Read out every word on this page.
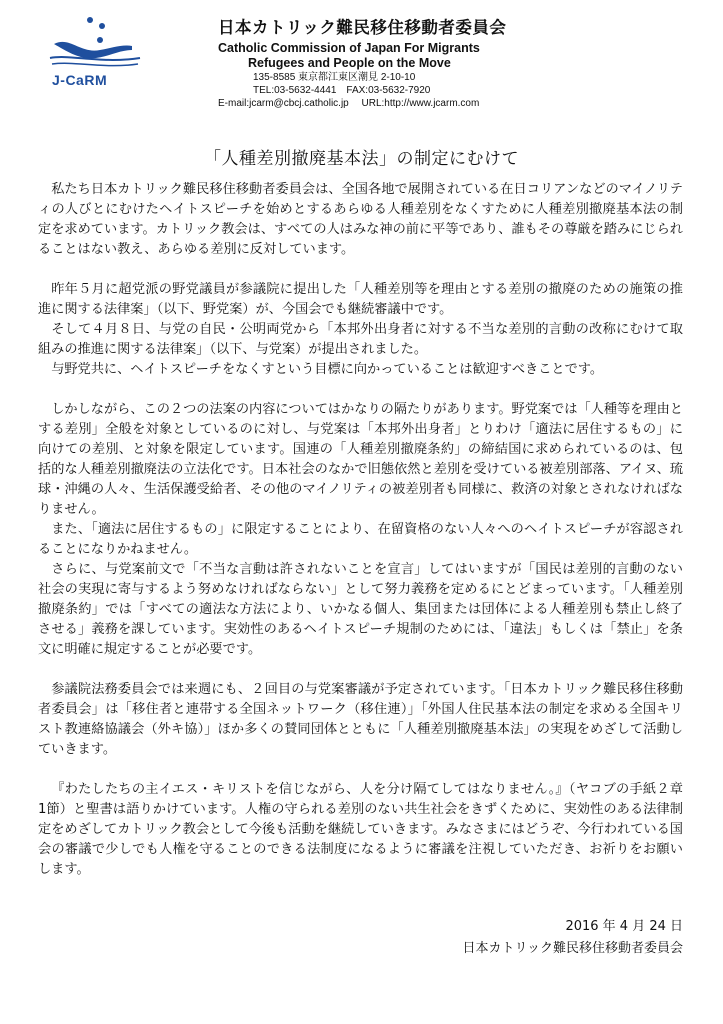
J-CaRM

日本カトリック難民移住移動者委員会

Catholic Commission of Japan For Migrants

Refugees and People on the Move

135-8585 東京都江東区潮見 2-10-10

TEL:03-5632-4441　FAX:03-5632-7920

E-mail:jcarm@cbcj.catholic.jp　 URL:http://www.jcarm.com

「人種差別撤廃基本法」の制定にむけて

私たち日本カトリック難民移住移動者委員会は、全国各地で展開されている在日コリアンなどのマイノリティの人びとにむけたヘイトスピーチを始めとするあらゆる人種差別をなくすために人種差別撤廃基本法の制定を求めています。カトリック教会は、すべての人はみな神の前に平等であり、誰もその尊厳を踏みにじられることはない教え、あらゆる差別に反対しています。

昨年５月に超党派の野党議員が参議院に提出した「人種差別等を理由とする差別の撤廃のための施策の推進に関する法律案」（以下、野党案）が、今国会でも継続審議中です。

そして４月８日、与党の自民・公明両党から「本邦外出身者に対する不当な差別的言動の改称にむけて取組みの推進に関する法律案」（以下、与党案）が提出されました。

与野党共に、ヘイトスピーチをなくすという目標に向かっていることは歓迎すべきことです。

しかしながら、この２つの法案の内容についてはかなりの隔たりがあります。野党案では「人種等を理由とする差別」全般を対象としているのに対し、与党案は「本邦外出身者」とりわけ「適法に居住するもの」に向けての差別、と対象を限定しています。国連の「人種差別撤廃条約」の締結国に求められているのは、包括的な人種差別撤廃法の立法化です。日本社会のなかで旧態依然と差別を受けている被差別部落、アイヌ、琉球・沖縄の人々、生活保護受給者、その他のマイノリティの被差別者も同様に、救済の対象とされなければなりません。

また、「適法に居住するもの」に限定することにより、在留資格のない人々へのヘイトスピーチが容認されることになりかねません。

さらに、与党案前文で「不当な言動は許されないことを宣言」してはいますが「国民は差別的言動のない社会の実現に寄与するよう努めなければならない」として努力義務を定めるにとどまっています。「人種差別撤廃条約」では「すべての適法な方法により、いかなる個人、集団または団体による人種差別も禁止し終了させる」義務を課しています。実効性のあるヘイトスピーチ規制のためには、「違法」もしくは「禁止」を条文に明確に規定することが必要です。

参議院法務委員会では来週にも、２回目の与党案審議が予定されています。「日本カトリック難民移住移動者委員会」は「移住者と連帯する全国ネットワーク（移住連）」「外国人住民基本法の制定を求める全国キリスト教連絡協議会（外キ協）」ほか多くの賛同団体とともに「人種差別撤廃基本法」の実現をめざして活動していきます。

『わたしたちの主イエス・キリストを信じながら、人を分け隔てしてはなりません。』（ヤコブの手紙２章 1節）と聖書は語りかけています。人権の守られる差別のない共生社会をきずくために、実効性のある法律制定をめざしてカトリック教会として今後も活動を継続していきます。みなさまにはどうぞ、今行われている国会の審議で少しでも人権を守ることのできる法制度になるように審議を注視していただき、お祈りをお願いします。

2016 年 4 月 24 日

日本カトリック難民移住移動者委員会
